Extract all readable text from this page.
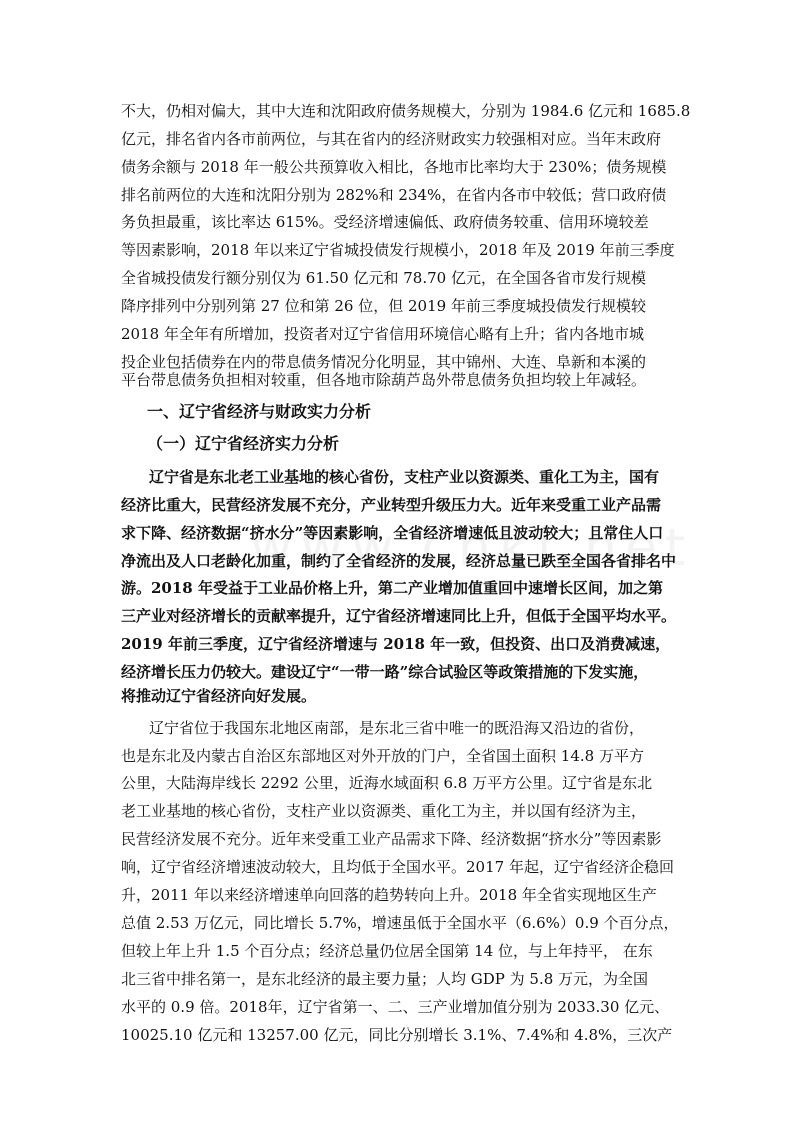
不大，仍相对偏大，其中大连和沈阳政府债务规模大，分别为 1984.6 亿元和 1685.8
亿元，排名省内各市前两位，与其在省内的经济财政实力较强相对应。当年末政府
债务余额与 2018 年一般公共预算收入相比，各地市比率均大于 230%；债务规模
排名前两位的大连和沈阳分别为 282%和 234%，在省内各市中较低；营口政府债
务负担最重，该比率达 615%。受经济增速偏低、政府债务较重、信用环境较差
等因素影响，2018 年以来辽宁省城投债发行规模小，2018 年及 2019 年前三季度
全省城投债发行额分别仅为 61.50 亿元和 78.70 亿元，在全国各省市发行规模
降序排列中分别列第 27 位和第 26 位，但 2019 年前三季度城投债发行规模较
2018 年全年有所增加，投资者对辽宁省信用环境信心略有上升；省内各地市城
投企业包括债券在内的带息债务情况分化明显，其中锦州、大连、阜新和本溪的
平台带息债务负担相对较重，但各地市除葫芦岛外带息债务负担均较上年减轻。
一、辽宁省经济与财政实力分析
（一）辽宁省经济实力分析
辽宁省是东北老工业基地的核心省份，支柱产业以资源类、重化工为主，国有
经济比重大，民营经济发展不充分，产业转型升级压力大。近年来受重工业产品需
求下降、经济数据“挤水分”等因素影响，全省经济增速低且波动较大；且常住人口
净流出及人口老龄化加重，制约了全省经济的发展，经济总量已跌至全国各省排名中
游。2018 年受益于工业品价格上升，第二产业增加值重回中速增长区间，加之第
三产业对经济增长的贡献率提升，辽宁省经济增速同比上升，但低于全国平均水平。
2019 年前三季度，辽宁省经济增速与 2018 年一致，但投资、出口及消费减速，
经济增长压力仍较大。建设辽宁“一带一路”综合试验区等政策措施的下发实施，
将推动辽宁省经济向好发展。
辽宁省位于我国东北地区南部，是东北三省中唯一的既沿海又沿边的省份，
也是东北及内蒙古自治区东部地区对外开放的门户，全省国土面积 14.8 万平方
公里，大陆海岸线长 2292 公里，近海水域面积 6.8 万平方公里。辽宁省是东北
老工业基地的核心省份，支柱产业以资源类、重化工为主，并以国有经济为主，
民营经济发展不充分。近年来受重工业产品需求下降、经济数据“挤水分”等因素影
响，辽宁省经济增速波动较大，且均低于全国水平。2017 年起，辽宁省经济企稳回
升，2011 年以来经济增速单向回落的趋势转向上升。2018 年全省实现地区生产
总值 2.53 万亿元，同比增长 5.7%，增速虽低于全国水平（6.6%）0.9 个百分点，
但较上年上升 1.5 个百分点；经济总量仍位居全国第 14 位，与上年持平， 在东
北三省中排名第一，是东北经济的最主要力量；人均 GDP 为 5.8 万元，为全国
水平的 0.9 倍。2018年，辽宁省第一、二、三产业增加值分别为 2033.30 亿元、
10025.10 亿元和 13257.00 亿元，同比分别增长 3.1%、7.4%和 4.8%，三次产
